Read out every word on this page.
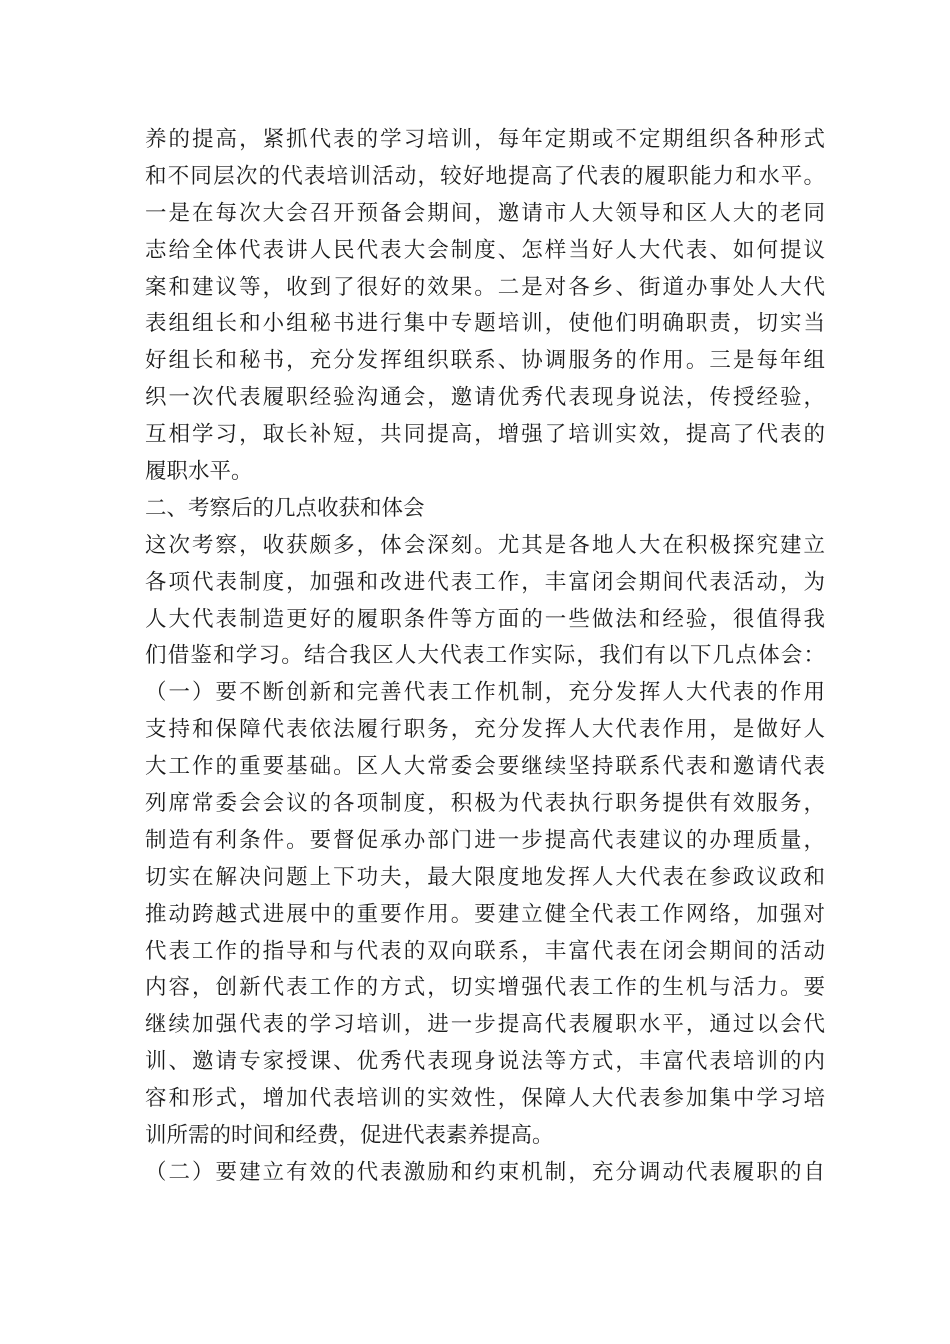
养的提高，紧抓代表的学习培训，每年定期或不定期组织各种形式
和不同层次的代表培训活动，较好地提高了代表的履职能力和水平。
一是在每次大会召开预备会期间，邀请市人大领导和区人大的老同
志给全体代表讲人民代表大会制度、怎样当好人大代表、如何提议
案和建议等，收到了很好的效果。二是对各乡、街道办事处人大代
表组组长和小组秘书进行集中专题培训，使他们明确职责，切实当
好组长和秘书，充分发挥组织联系、协调服务的作用。三是每年组
织一次代表履职经验沟通会，邀请优秀代表现身说法，传授经验，
互相学习，取长补短，共同提高，增强了培训实效，提高了代表的
履职水平。
二、考察后的几点收获和体会
这次考察，收获颇多，体会深刻。尤其是各地人大在积极探究建立
各项代表制度，加强和改进代表工作，丰富闭会期间代表活动，为
人大代表制造更好的履职条件等方面的一些做法和经验，很值得我
们借鉴和学习。结合我区人大代表工作实际，我们有以下几点体会：
（一）要不断创新和完善代表工作机制，充分发挥人大代表的作用
支持和保障代表依法履行职务，充分发挥人大代表作用，是做好人
大工作的重要基础。区人大常委会要继续坚持联系代表和邀请代表
列席常委会会议的各项制度，积极为代表执行职务提供有效服务，
制造有利条件。要督促承办部门进一步提高代表建议的办理质量，
切实在解决问题上下功夫，最大限度地发挥人大代表在参政议政和
推动跨越式进展中的重要作用。要建立健全代表工作网络，加强对
代表工作的指导和与代表的双向联系，丰富代表在闭会期间的活动
内容，创新代表工作的方式，切实增强代表工作的生机与活力。要
继续加强代表的学习培训，进一步提高代表履职水平，通过以会代
训、邀请专家授课、优秀代表现身说法等方式，丰富代表培训的内
容和形式，增加代表培训的实效性，保障人大代表参加集中学习培
训所需的时间和经费，促进代表素养提高。
（二）要建立有效的代表激励和约束机制，充分调动代表履职的自
